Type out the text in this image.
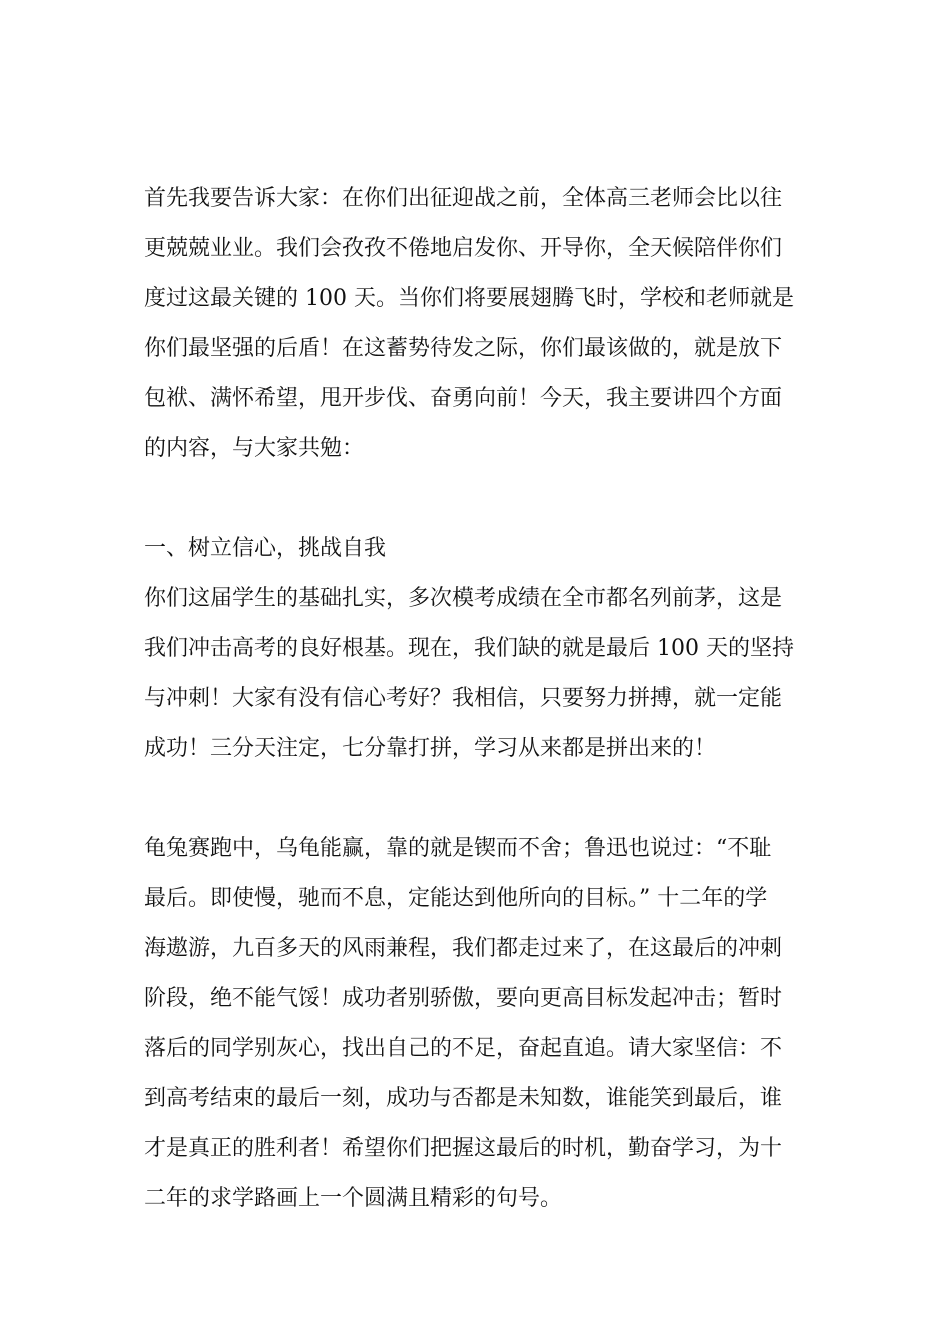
首先我要告诉大家：在你们出征迎战之前，全体高三老师会比以往
更兢兢业业。我们会孜孜不倦地启发你、开导你，全天候陪伴你们
度过这最关键的 100 天。当你们将要展翅腾飞时，学校和老师就是
你们最坚强的后盾！在这蓄势待发之际，你们最该做的，就是放下
包袱、满怀希望，甩开步伐、奋勇向前！今天，我主要讲四个方面
的内容，与大家共勉：
一、树立信心，挑战自我
你们这届学生的基础扎实，多次模考成绩在全市都名列前茅，这是
我们冲击高考的良好根基。现在，我们缺的就是最后 100 天的坚持
与冲刺！大家有没有信心考好？我相信，只要努力拼搏，就一定能
成功！三分天注定，七分靠打拼，学习从来都是拼出来的！
龟兔赛跑中，乌龟能赢，靠的就是锲而不舍；鲁迅也说过：“不耻
最后。即使慢，驰而不息，定能达到他所向的目标。” 十二年的学
海遨游，九百多天的风雨兼程，我们都走过来了，在这最后的冲刺
阶段，绝不能气馁！成功者别骄傲，要向更高目标发起冲击；暂时
落后的同学别灰心，找出自己的不足，奋起直追。请大家坚信：不
到高考结束的最后一刻，成功与否都是未知数，谁能笑到最后，谁
才是真正的胜利者！希望你们把握这最后的时机，勤奋学习，为十
二年的求学路画上一个圆满且精彩的句号。
